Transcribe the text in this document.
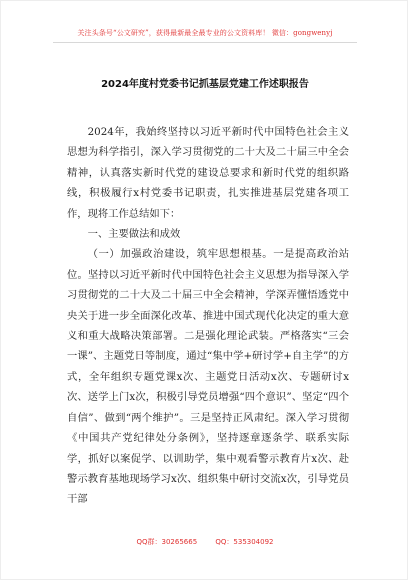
关注头条号“公文研究”，获得最新最全最专业的公文资料库！ 微信：gongwenyj
2024年度村党委书记抓基层党建工作述职报告

2024年，我始终坚持以习近平新时代中国特色社会主义思想为科学指引，深入学习贯彻党的二十大及二十届三中全会精神，认真落实新时代党的建设总要求和新时代党的组织路线，积极履行x村党委书记职责，扎实推进基层党建各项工作，现将工作总结如下：

一、主要做法和成效

（一）加强政治建设，筑牢思想根基。一是提高政治站位。坚持以习近平新时代中国特色社会主义思想为指导深入学习贯彻党的二十大及二十届三中全会精神，学深弄懂悟透党中央关于进一步全面深化改革、推进中国式现代化决定的重大意义和重大战略决策部署。二是强化理论武装。严格落实“三会一课”、主题党日等制度，通过“集中学+研讨学+自主学”的方式，全年组织专题党课x次、主题党日活动x次、专题研讨x次、送学上门x次，积极引导党员增强“四个意识”、坚定“四个自信”、做到“两个维护”。三是坚持正风肃纪。深入学习贯彻《中国共产党纪律处分条例》，坚持逐章逐条学、联系实际学，抓好以案促学、以训助学，集中观看警示教育片x次、赴警示教育基地现场学习x次、组织集中研讨交流x次，引导党员干部

QQ群：30265665	QQ：535304092
